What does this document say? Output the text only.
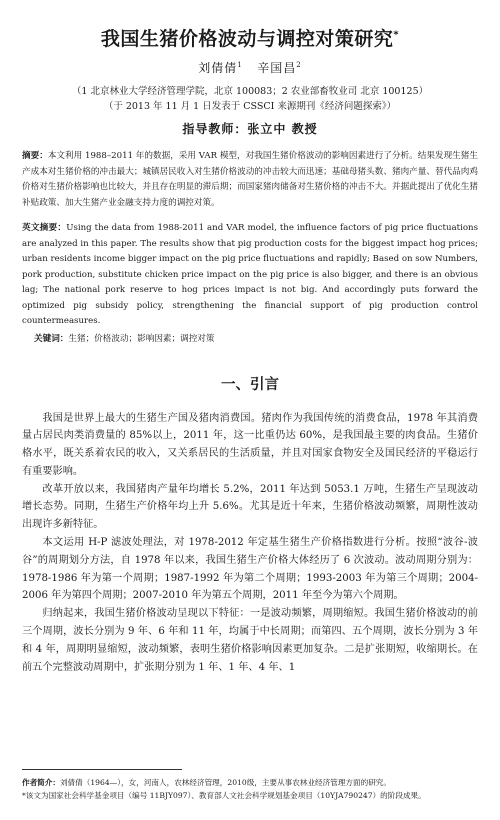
我国生猪价格波动与调控对策研究*
刘倩倩$^1$ 辛国昌$^2$
（1 北京林业大学经济管理学院，北京 100083；2 农业部畜牧业司 北京 100125）
（于 2013 年 11 月 1 日发表于 CSSCI 来源期刊《经济问题探索》）
指导教师：张立中 教授

摘要：本文利用 1988–2011 年的数据，采用 VAR 模型，对我国生猪价格波动的影响因素进行了分析。结果发现生猪生产成本对生猪价格的冲击最大；城镇居民收入对生猪价格波动的冲击较大而迅速；基础母猪头数、猪肉产量、替代品肉鸡价格对生猪价格影响也比较大，并且存在明显的滞后期；而国家猪肉储备对生猪价格的冲击不大。并据此提出了优化生猪补贴政策、加大生猪产业金融支持力度的调控对策。

英文摘要：Using the data from 1988-2011 and VAR model, the influence factors of pig price fluctuations are analyzed in this paper. The results show that pig production costs for the biggest impact hog prices; urban residents income bigger impact on the pig price fluctuations and rapidly; Based on sow Numbers, pork production, substitute chicken price impact on the pig price is also bigger, and there is an obvious lag; The national pork reserve to hog prices impact is not big. And accordingly puts forward the optimized pig subsidy policy, strengthening the financial support of pig production control countermeasures.

关键词：生猪；价格波动；影响因素；调控对策
一、引言

我国是世界上最大的生猪生产国及猪肉消费国。猪肉作为我国传统的消费食品，1978 年其消费量占居民肉类消费量的 85%以上，2011 年，这一比重仍达 60%，是我国最主要的肉食品。生猪价格水平，既关系着农民的收入，又关系居民的生活质量，并且对国家食物安全及国民经济的平稳运行有重要影响。

改革开放以来，我国猪肉产量年均增长 5.2%，2011 年达到 5053.1 万吨，生猪生产呈现波动增长态势。同期，生猪生产价格年均上升 5.6%。尤其是近十年来，生猪价格波动频繁，周期性波动出现许多新特征。

本文运用 H-P 滤波处理法，对 1978-2012 年定基生猪生产价格指数进行分析。按照“波谷-波谷”的周期划分方法，自 1978 年以来，我国生猪生产价格大体经历了 6 次波动。波动周期分别为：1978-1986 年为第一个周期；1987-1992 年为第二个周期；1993-2003 年为第三个周期；2004-2006 年为第四个周期；2007-2010 年为第五个周期，2011 年至今为第六个周期。

归纳起来，我国生猪价格波动呈现以下特征：一是波动频繁，周期缩短。我国生猪价格波动的前三个周期，波长分别为 9 年、6 年和 11 年，均属于中长周期；而第四、五个周期，波长分别为 3 年和 4 年，周期明显缩短，波动频繁，表明生猪价格影响因素更加复杂。二是扩张期短，收缩期长。在前五个完整波动周期中，扩张期分别为 1 年、1 年、4 年、1

作者简介：刘倩倩（1964—），女，河南人，农林经济管理，2010级，主要从事农林业经济管理方面的研究。
*该文为国家社会科学基金项目（编号 11BJY097）、教育部人文社会科学规划基金项目（10YJA790247）的阶段成果。
